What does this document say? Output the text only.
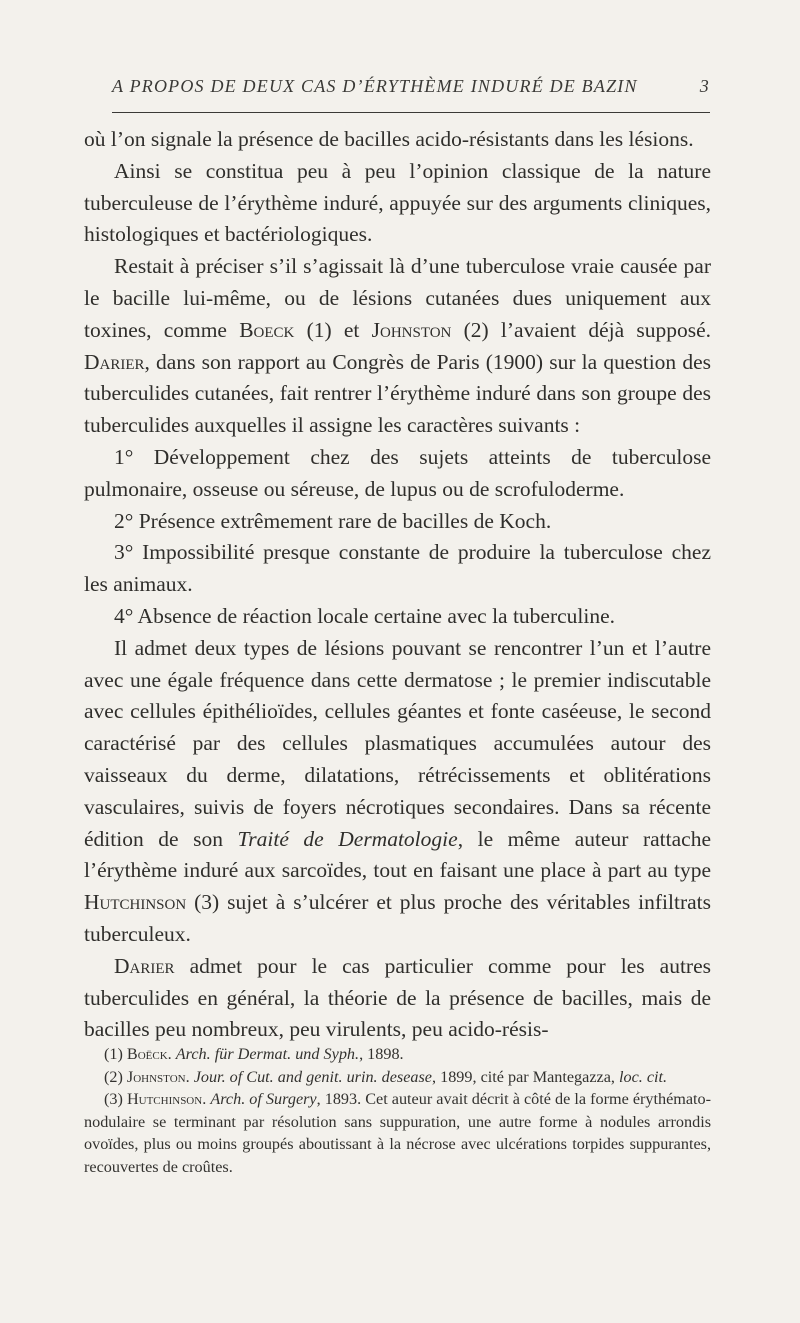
A PROPOS DE DEUX CAS D’ÉRYTHÈME INDURÉ DE BAZIN	3

où l’on signale la présence de bacilles acido-résistants dans les lésions.

Ainsi se constitua peu à peu l’opinion classique de la nature tuberculeuse de l’érythème induré, appuyée sur des arguments cliniques, histologiques et bactériologiques.

Restait à préciser s’il s’agissait là d’une tuberculose vraie causée par le bacille lui-même, ou de lésions cutanées dues uniquement aux toxines, comme Boeck (1) et Johnston (2) l’avaient déjà supposé. Darier, dans son rapport au Congrès de Paris (1900) sur la question des tuberculides cutanées, fait rentrer l’érythème induré dans son groupe des tuberculides auxquelles il assigne les caractères suivants :

1° Développement chez des sujets atteints de tuberculose pulmonaire, osseuse ou séreuse, de lupus ou de scrofuloderme.

2° Présence extrêmement rare de bacilles de Koch.

3° Impossibilité presque constante de produire la tuberculose chez les animaux.

4° Absence de réaction locale certaine avec la tuberculine.

Il admet deux types de lésions pouvant se rencontrer l’un et l’autre avec une égale fréquence dans cette dermatose ; le premier indiscutable avec cellules épithélioïdes, cellules géantes et fonte caséeuse, le second caractérisé par des cellules plasmatiques accumulées autour des vaisseaux du derme, dilatations, rétrécissements et oblitérations vasculaires, suivis de foyers nécrotiques secondaires. Dans sa récente édition de son Traité de Dermatologie, le même auteur rattache l’érythème induré aux sarcoïdes, tout en faisant une place à part au type Hutchinson (3) sujet à s’ulcérer et plus proche des véritables infiltrats tuberculeux.

Darier admet pour le cas particulier comme pour les autres tuberculides en général, la théorie de la présence de bacilles, mais de bacilles peu nombreux, peu virulents, peu acido-résis-

(1) Boëck. Arch. für Dermat. und Syph., 1898.

(2) Johnston. Jour. of Cut. and genit. urin. desease, 1899, cité par Mantegazza, loc. cit.

(3) Hutchinson. Arch. of Surgery, 1893. Cet auteur avait décrit à côté de la forme érythémato-nodulaire se terminant par résolution sans suppuration, une autre forme à nodules arrondis ovoïdes, plus ou moins groupés aboutissant à la nécrose avec ulcérations torpides suppurantes, recouvertes de croûtes.
